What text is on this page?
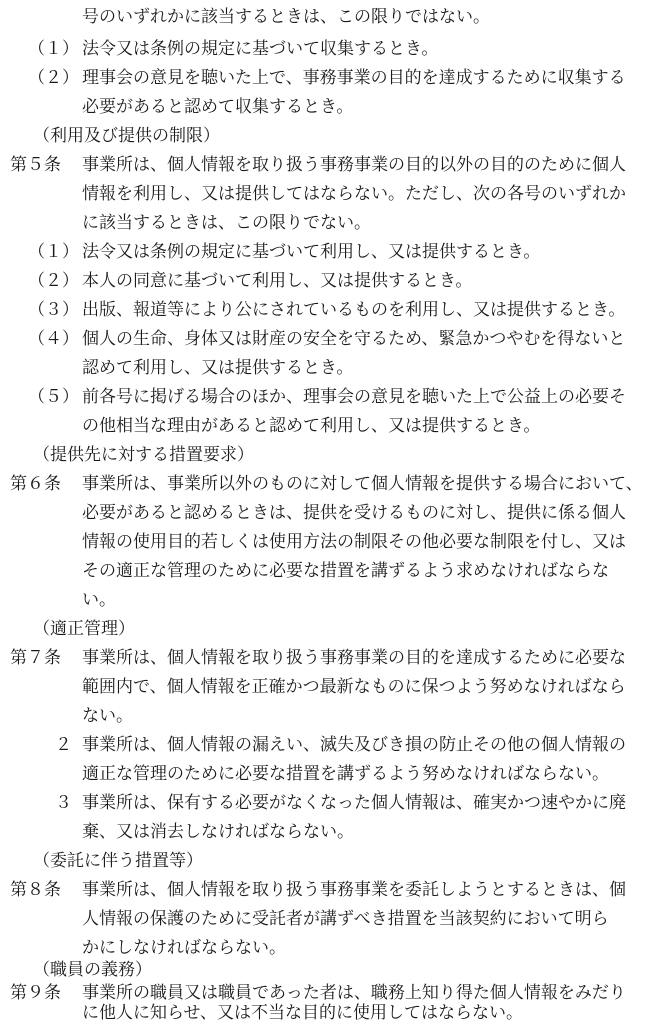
号のいずれかに該当するときは、この限りではない。
（１） 法令又は条例の規定に基づいて収集するとき。
（２） 理事会の意見を聴いた上で、事務事業の目的を達成するために収集する
必要があると認めて収集するとき。
（利用及び提供の制限）
第５条 事業所は、個人情報を取り扱う事務事業の目的以外の目的のために個人
情報を利用し、又は提供してはならない。ただし、次の各号のいずれか
に該当するときは、この限りでない。
（１） 法令又は条例の規定に基づいて利用し、又は提供するとき。
（２） 本人の同意に基づいて利用し、又は提供するとき。
（３） 出版、報道等により公にされているものを利用し、又は提供するとき。
（４） 個人の生命、身体又は財産の安全を守るため、緊急かつやむを得ないと
認めて利用し、又は提供するとき。
（５） 前各号に掲げる場合のほか、理事会の意見を聴いた上で公益上の必要そ
の他相当な理由があると認めて利用し、又は提供するとき。
（提供先に対する措置要求）
第６条 事業所は、事業所以外のものに対して個人情報を提供する場合において、
必要があると認めるときは、提供を受けるものに対し、提供に係る個人
情報の使用目的若しくは使用方法の制限その他必要な制限を付し、又は
その適正な管理のために必要な措置を講ずるよう求めなければならな
い。
（適正管理）
第７条 事業所は、個人情報を取り扱う事務事業の目的を達成するために必要な
範囲内で、個人情報を正確かつ最新なものに保つよう努めなければなら
ない。
２ 事業所は、個人情報の漏えい、滅失及びき損の防止その他の個人情報の
適正な管理のために必要な措置を講ずるよう努めなければならない。
３ 事業所は、保有する必要がなくなった個人情報は、確実かつ速やかに廃
棄、又は消去しなければならない。
（委託に伴う措置等）
第８条 事業所は、個人情報を取り扱う事務事業を委託しようとするときは、個
人情報の保護のために受託者が講ずべき措置を当該契約において明ら
かにしなければならない。
（職員の義務）
第９条 事業所の職員又は職員であった者は、職務上知り得た個人情報をみだり
に他人に知らせ、又は不当な目的に使用してはならない。
